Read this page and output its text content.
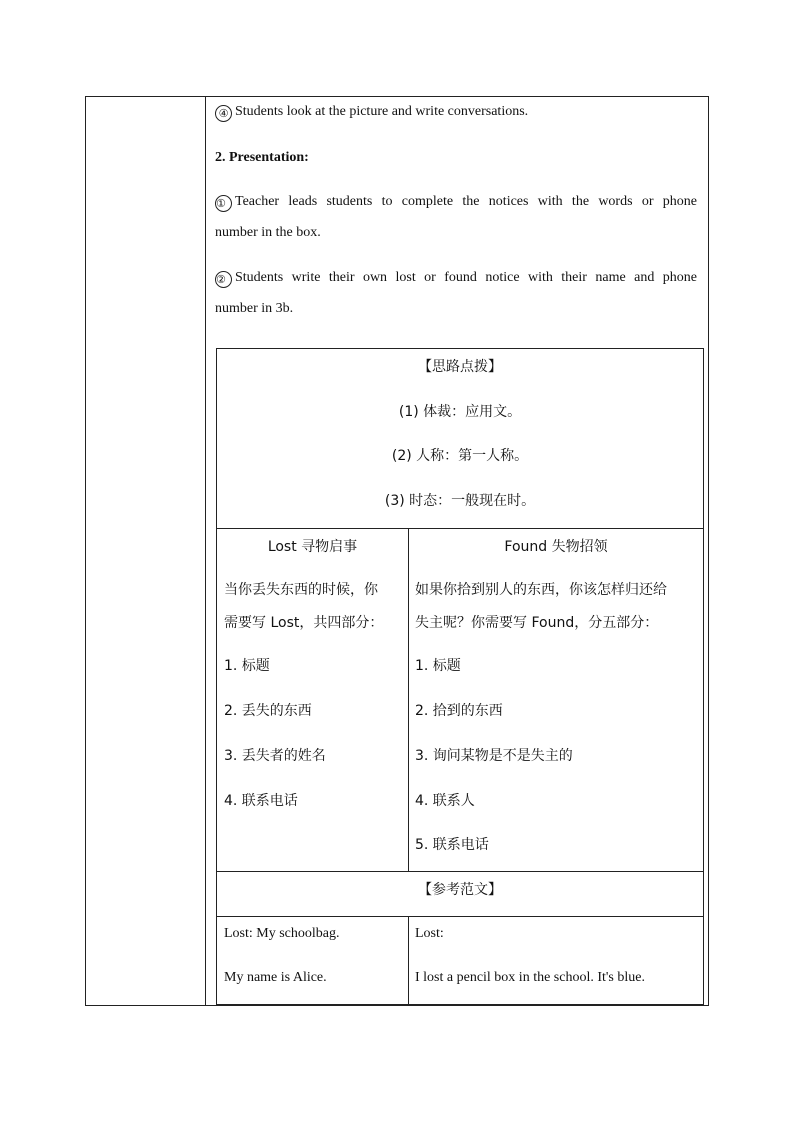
④ Students look at the picture and write conversations.
2. Presentation:
① Teacher leads students to complete the notices with the words or phone
number in the box.
② Students write their own lost or found notice with their name and phone
number in 3b.
【思路点拨】
(1) 体裁：应用文。
(2) 人称：第一人称。
(3) 时态：一般现在时。
Lost 寻物启事
当你丢失东西的时候，你
需要写 Lost，共四部分：
1. 标题
2. 丢失的东西
3. 丢失者的姓名
4. 联系电话
Found 失物招领
如果你拾到别人的东西，你该怎样归还给
失主呢？你需要写 Found，分五部分：
1. 标题
2. 拾到的东西
3. 询问某物是不是失主的
4. 联系人
5. 联系电话
【参考范文】
Lost: My schoolbag.
My name is Alice.
Lost:
I lost a pencil box in the school. It's blue.
